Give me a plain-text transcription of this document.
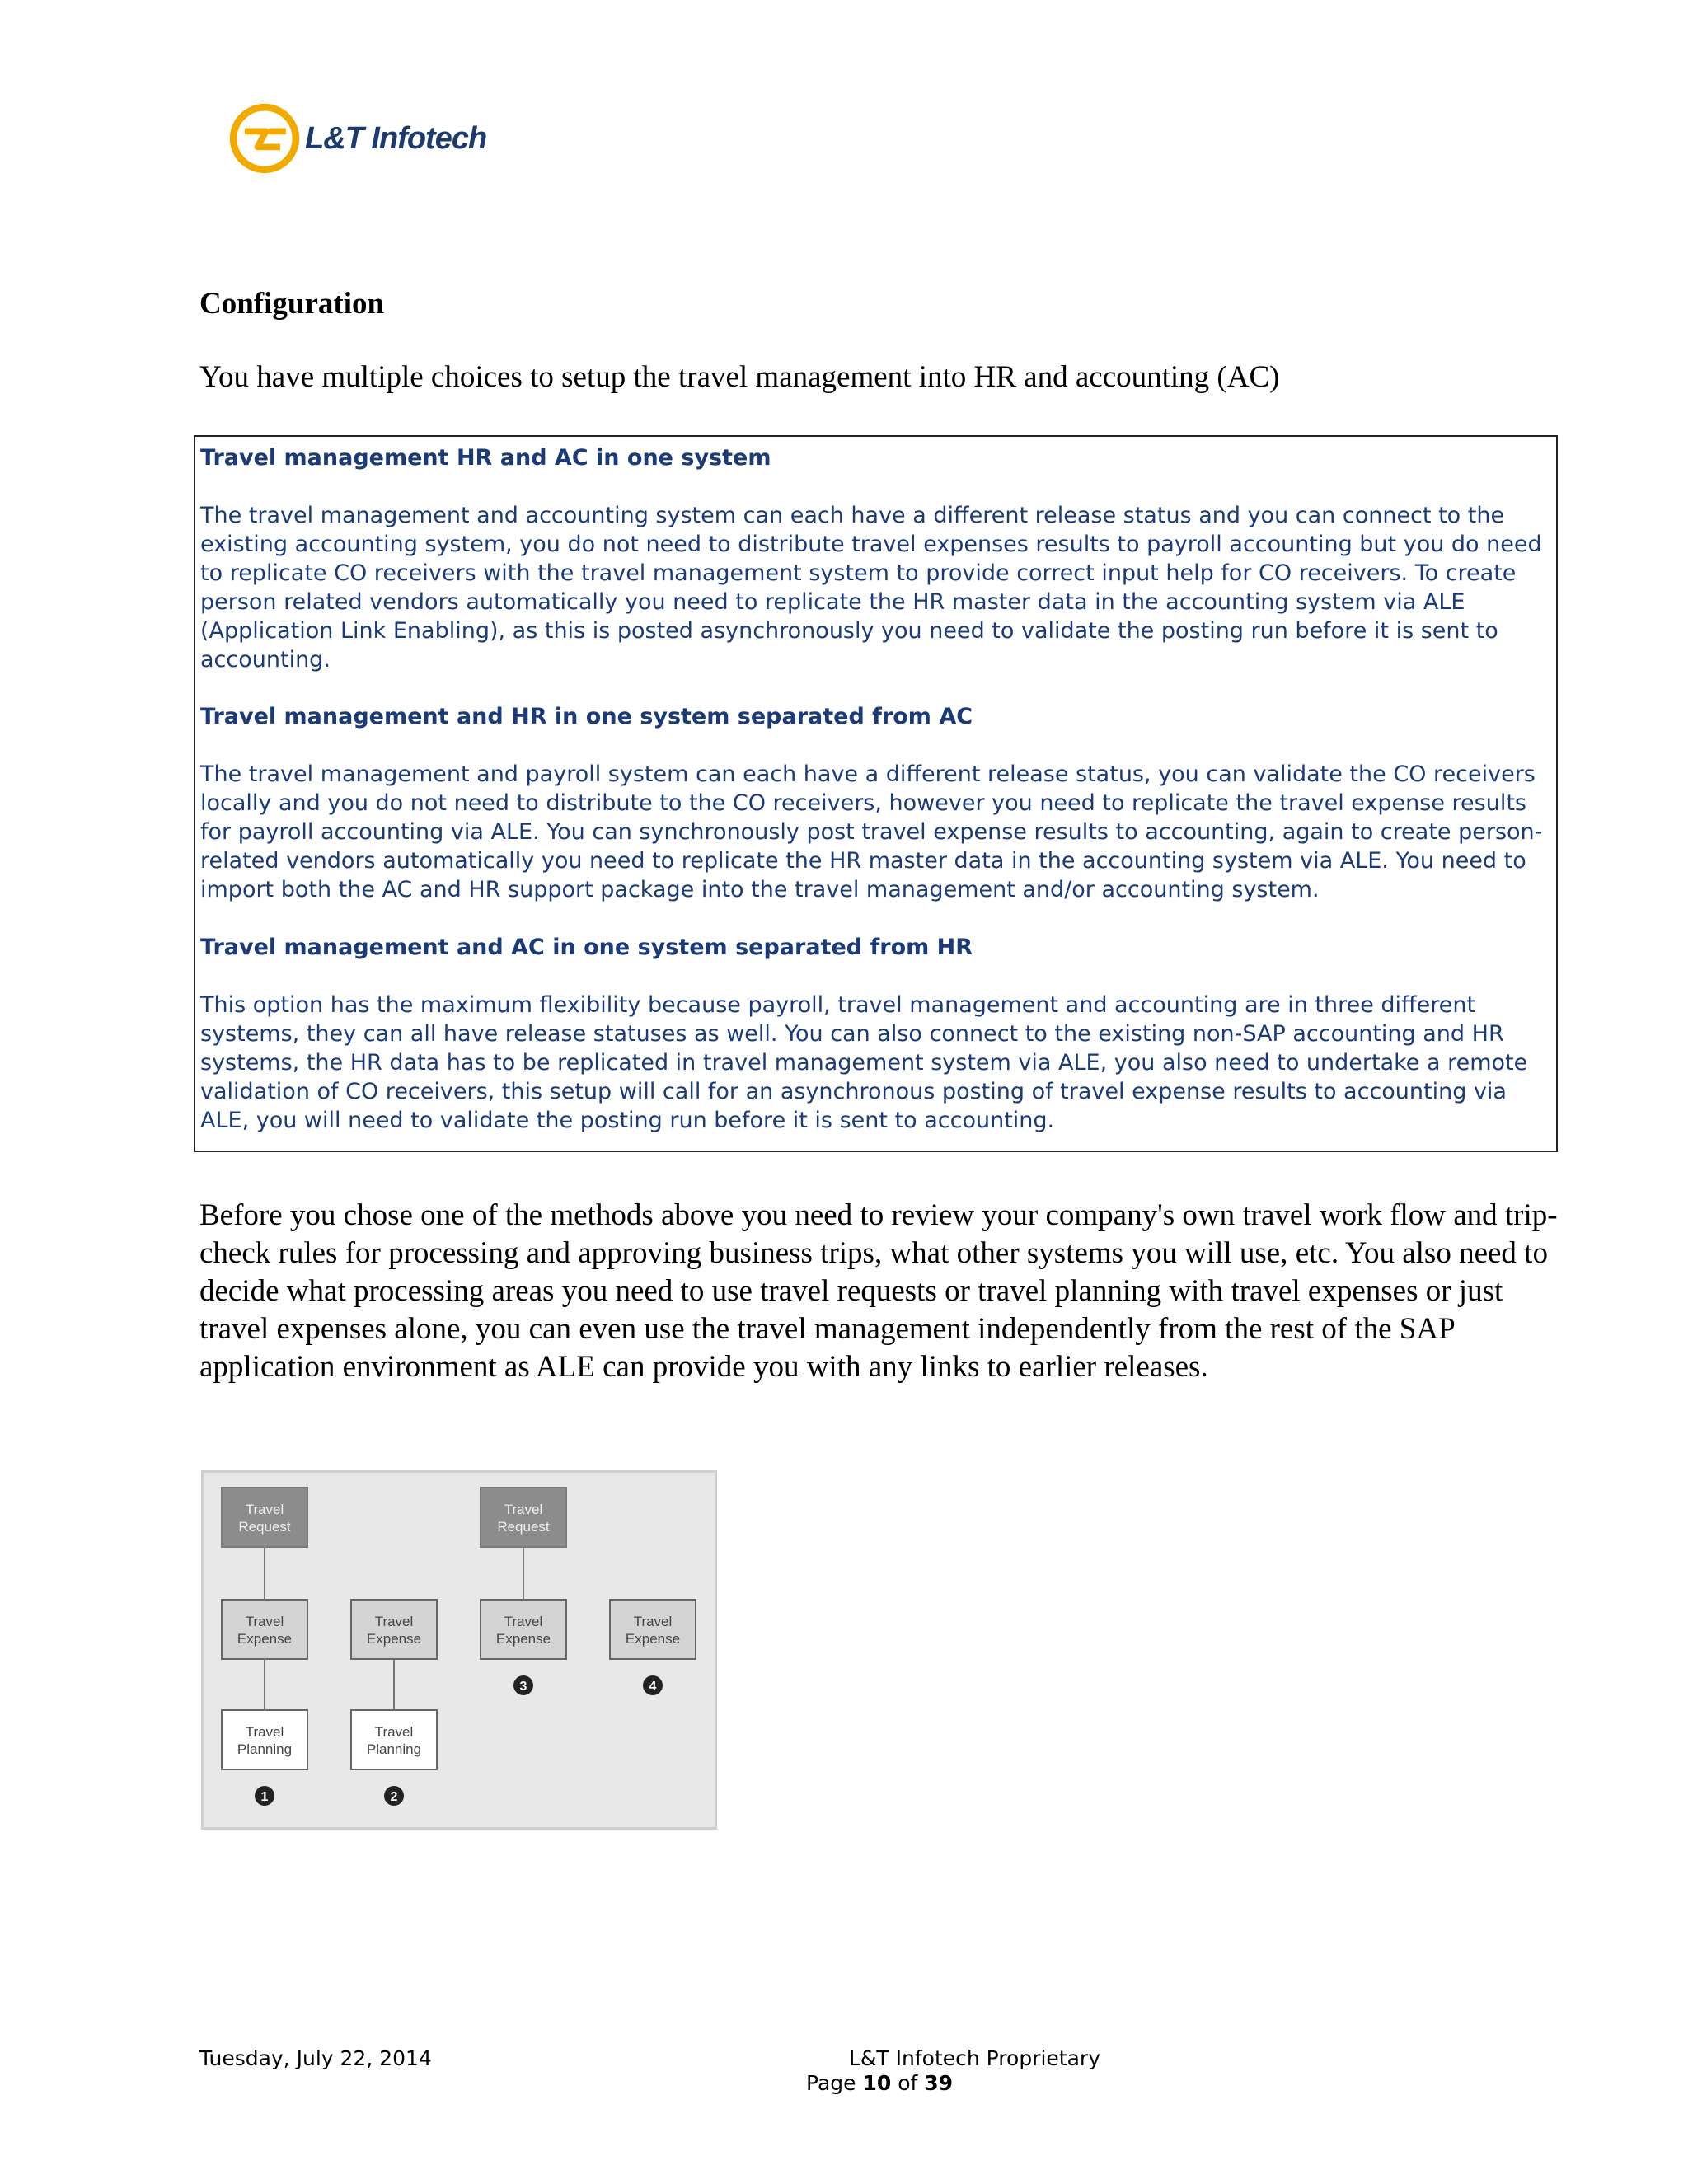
L&T Infotech
Configuration
You have multiple choices to setup the travel management into HR and accounting (AC)
Travel management HR and AC in one system
The travel management and accounting system can each have a different release status and you can connect to the existing accounting system, you do not need to distribute travel expenses results to payroll accounting but you do need to replicate CO receivers with the travel management system to provide correct input help for CO receivers. To create person related vendors automatically you need to replicate the HR master data in the accounting system via ALE (Application Link Enabling), as this is posted asynchronously you need to validate the posting run before it is sent to accounting.
Travel management and HR in one system separated from AC
The travel management and payroll system can each have a different release status, you can validate the CO receivers locally and you do not need to distribute to the CO receivers, however you need to replicate the travel expense results for payroll accounting via ALE. You can synchronously post travel expense results to accounting, again to create person-related vendors automatically you need to replicate the HR master data in the accounting system via ALE. You need to import both the AC and HR support package into the travel management and/or accounting system.
Travel management and AC in one system separated from HR
This option has the maximum flexibility because payroll, travel management and accounting are in three different systems, they can all have release statuses as well. You can also connect to the existing non-SAP accounting and HR systems, the HR data has to be replicated in travel management system via ALE, you also need to undertake a remote validation of CO receivers, this setup will call for an asynchronous posting of travel expense results to accounting via ALE, you will need to validate the posting run before it is sent to accounting.
Before you chose one of the methods above you need to review your company's own travel work flow and trip-check rules for processing and approving business trips, what other systems you will use, etc. You also need to decide what processing areas you need to use travel requests or travel planning with travel expenses or just travel expenses alone, you can even use the travel management independently from the rest of the SAP application environment as ALE can provide you with any links to earlier releases.
Travel
Request
Travel
Expense
Travel
Planning
1
Travel
Expense
Travel
Planning
2
Travel
Request
Travel
Expense
3
Travel
Expense
4
Tuesday, July 22, 2014	L&T Infotech Proprietary
Page 10 of 39
